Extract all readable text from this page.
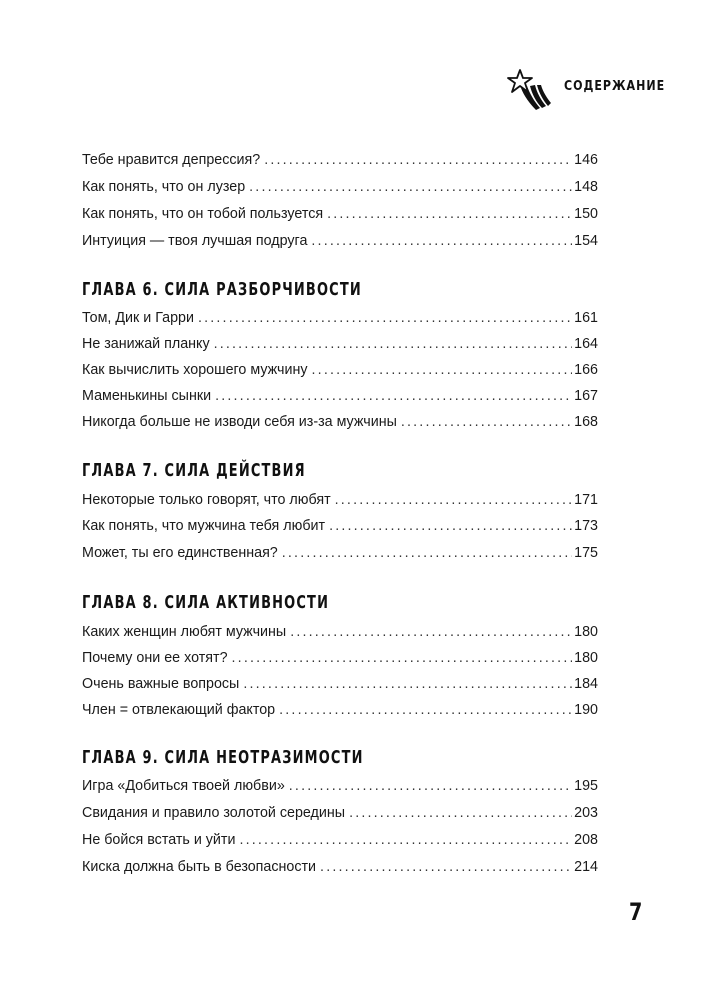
СОДЕРЖАНИЕ
Тебе нравится депрессия? . . .	146
Как понять, что он лузер . . .	148
Как понять, что он тобой пользуется . . .	150
Интуиция — твоя лучшая подруга . . .	154
ГЛАВА 6. СИЛА РАЗБОРЧИВОСТИ
Том, Дик и Гарри . . .	161
Не занижай планку . . .	164
Как вычислить хорошего мужчину . . .	166
Маменькины сынки . . .	167
Никогда больше не изводи себя из-за мужчины . . .	168
ГЛАВА 7. СИЛА ДЕЙСТВИЯ
Некоторые только говорят, что любят . . .	171
Как понять, что мужчина тебя любит . . .	173
Может, ты его единственная? . . .	175
ГЛАВА 8. СИЛА АКТИВНОСТИ
Каких женщин любят мужчины . . .	180
Почему они ее хотят? . . .	180
Очень важные вопросы . . .	184
Член = отвлекающий фактор . . .	190
ГЛАВА 9. СИЛА НЕОТРАЗИМОСТИ
Игра «Добиться твоей любви» . . .	195
Свидания и правило золотой середины . . .	203
Не бойся встать и уйти . . .	208
Киска должна быть в безопасности . . .	214
7
